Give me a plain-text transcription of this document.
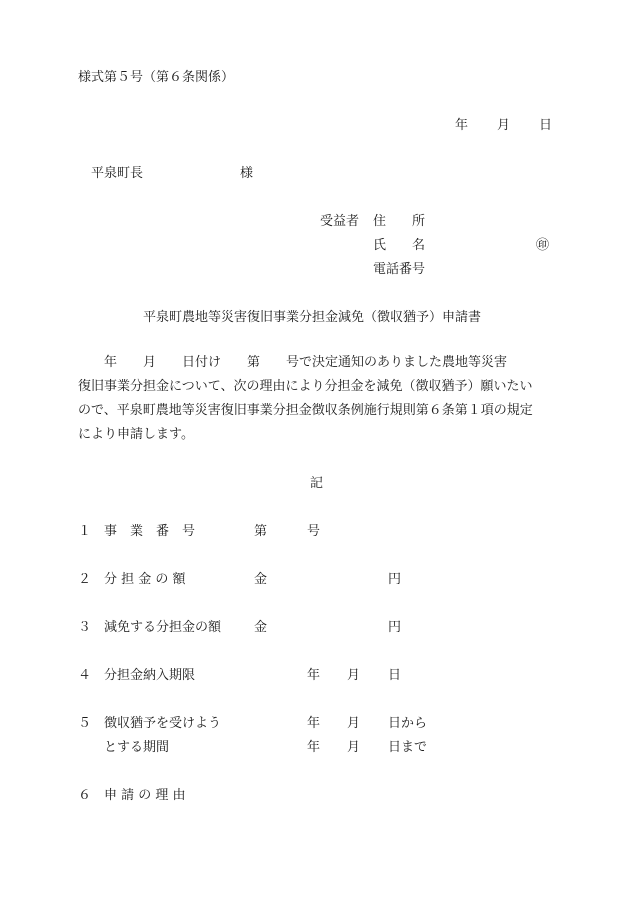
様式第５号（第６条関係）
年 月 日
平泉町長	様
受益者 住　　所
氏　　名	㊞
電話番号
平泉町農地等災害復旧事業分担金減免（徴収猶予）申請書
　　年　　月　　日付け　　第　　号で決定通知のありました農地等災害
復旧事業分担金について、次の理由により分担金を減免（徴収猶予）願いたい
ので、平泉町農地等災害復旧事業分担金徴収条例施行規則第６条第１項の規定
により申請します。
記
１ 事　業　番　号	第	号
２ 分 担 金 の 額	金	円
３ 減免する分担金の額	金	円
４ 分担金納入期限	年 月 日
５ 徴収猶予を受けよう	年 月 日から
とする期間	年 月 日まで
６ 申 請 の 理 由
